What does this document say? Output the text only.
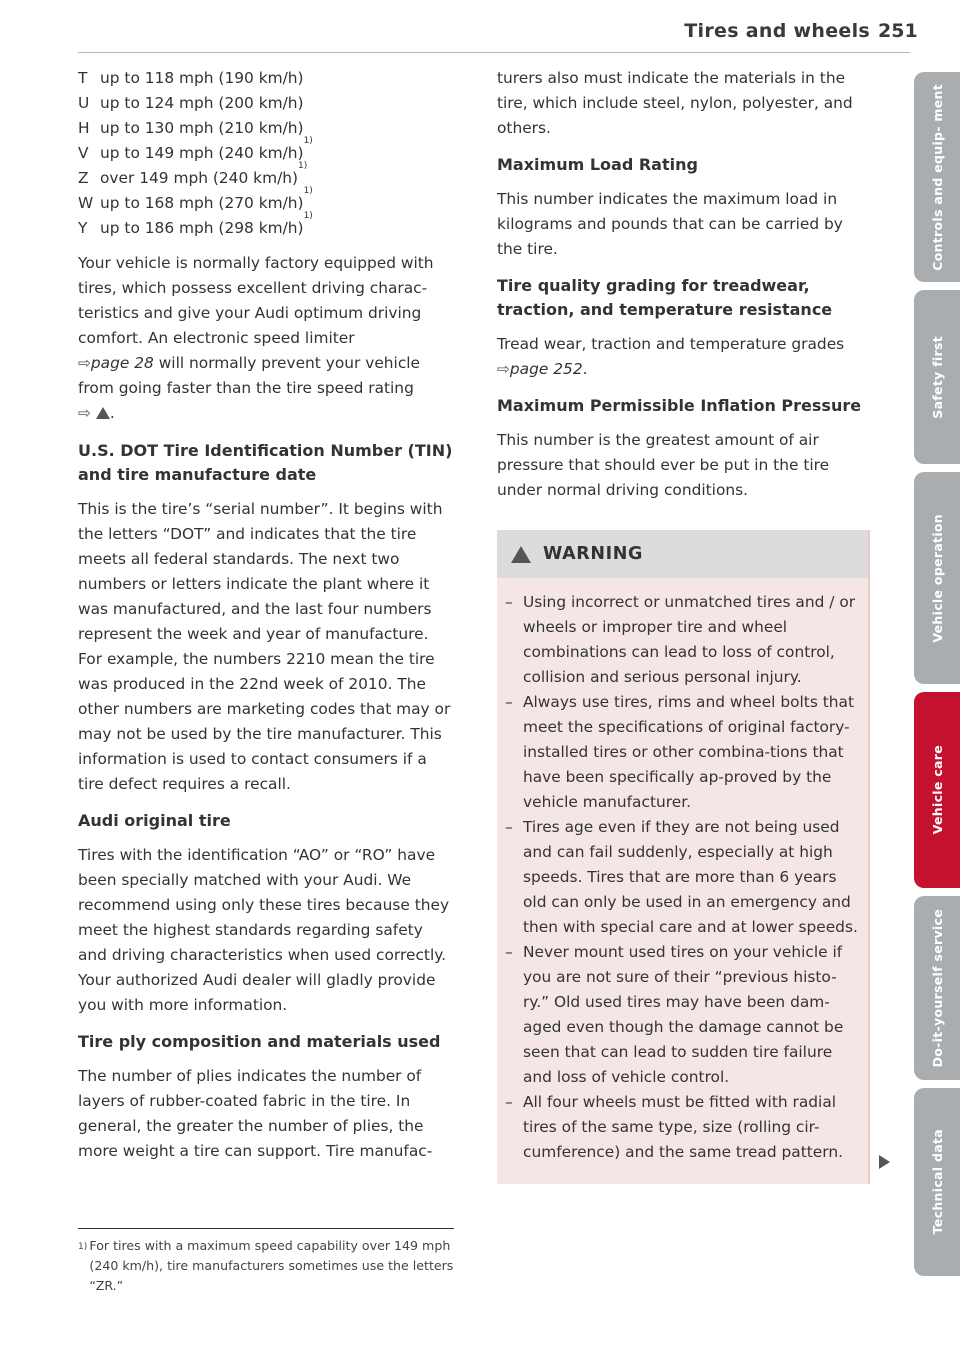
Tires and wheels 251
T up to 118 mph (190 km/h)
U up to 124 mph (200 km/h)
H up to 130 mph (210 km/h)
V up to 149 mph (240 km/h)
1)
Z over 149 mph (240 km/h)
1)
W up to 168 mph (270 km/h)
1)
Y up to 186 mph (298 km/h)
1)

Your vehicle is normally factory equipped with tires, which possess excellent driving charac-teristics and give your Audi optimum driving comfort. An electronic speed limiter
⇨page 28 will normally prevent your vehicle from going faster than the tire speed rating
⇨ .

U.S. DOT Tire Identification Number (TIN) and tire manufacture date

This is the tire’s “serial number”. It begins with the letters “DOT” and indicates that the tire meets all federal standards. The next two numbers or letters indicate the plant where it was manufactured, and the last four numbers represent the week and year of manufacture. For example, the numbers 2210 mean the tire was produced in the 22nd week of 2010. The other numbers are marketing codes that may or may not be used by the tire manufacturer. This information is used to contact consumers if a tire defect requires a recall.

Audi original tire

Tires with the identification “AO” or “RO” have been specially matched with your Audi. We recommend using only these tires because they meet the highest standards regarding safety and driving characteristics when used correctly. Your authorized Audi dealer will gladly provide you with more information.

Tire ply composition and materials used

The number of plies indicates the number of layers of rubber-coated fabric in the tire. In general, the greater the number of plies, the more weight a tire can support. Tire manufac-

1) For tires with a maximum speed capability over 149 mph (240 km/h), tire manufacturers sometimes use the letters “ZR.”

turers also must indicate the materials in the tire, which include steel, nylon, polyester, and others.

Maximum Load Rating

This number indicates the maximum load in kilograms and pounds that can be carried by the tire.

Tire quality grading for treadwear, traction, and temperature resistance

Tread wear, traction and temperature grades
⇨page 252.

Maximum Permissible Inflation Pressure

This number is the greatest amount of air pressure that should ever be put in the tire under normal driving conditions.

WARNING
– Using incorrect or unmatched tires and / or wheels or improper tire and wheel combinations can lead to loss of control, collision and serious personal injury.
– Always use tires, rims and wheel bolts that meet the specifications of original factory-installed tires or other combina-tions that have been specifically ap-proved by the vehicle manufacturer.
– Tires age even if they are not being used and can fail suddenly, especially at high speeds. Tires that are more than 6 years old can only be used in an emergency and then with special care and at lower speeds.
– Never mount used tires on your vehicle if you are not sure of their “previous histo-ry.” Old used tires may have been dam-aged even though the damage cannot be seen that can lead to sudden tire failure and loss of vehicle control.
– All four wheels must be fitted with radial tires of the same type, size (rolling cir-cumference) and the same tread pattern.
Controls and equip- ment
Safety first
Vehicle operation
Vehicle care
Do-it-yourself service
Technical data
